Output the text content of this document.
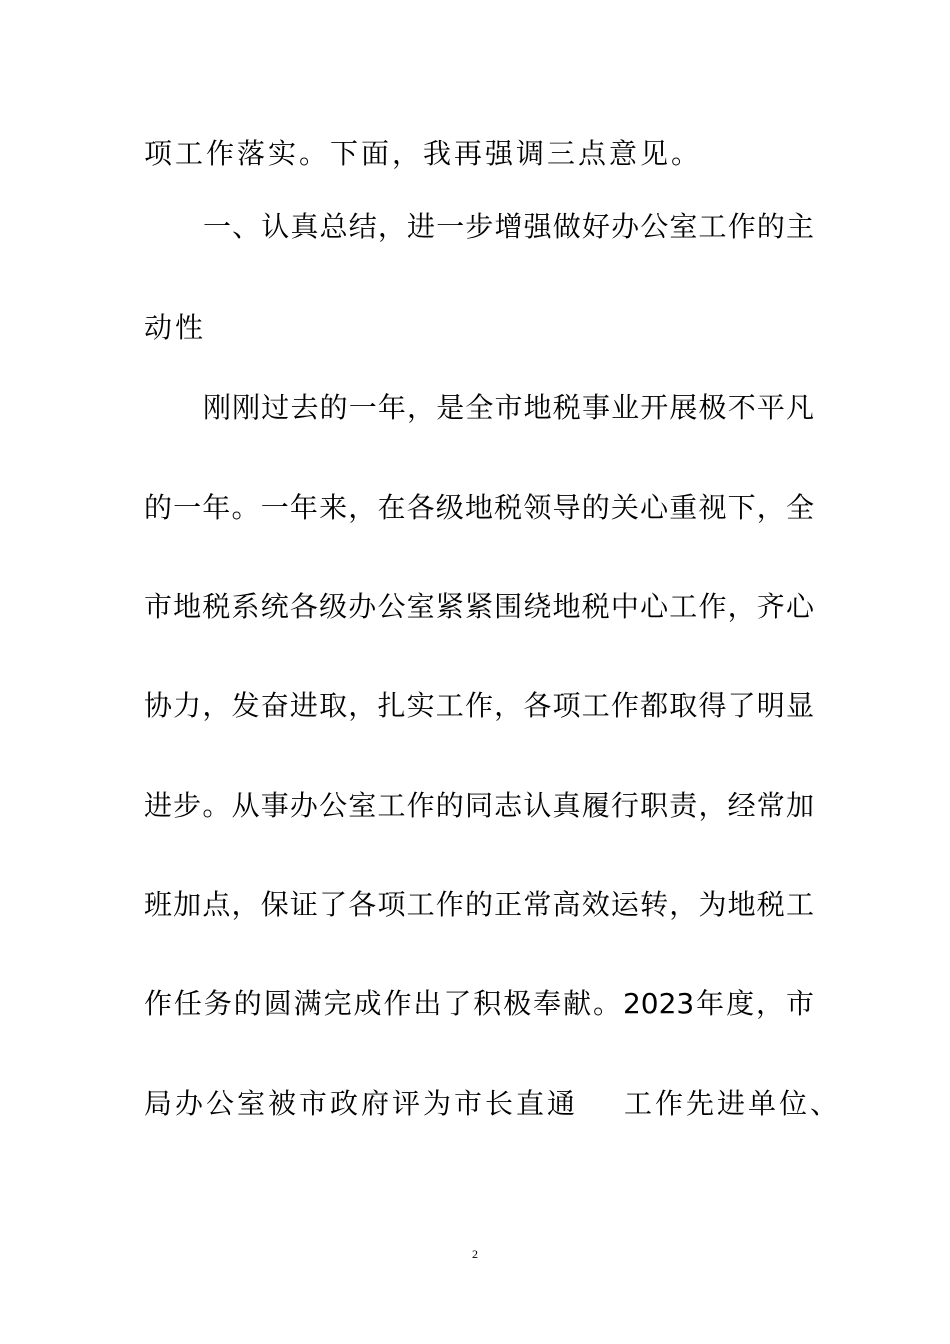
项工作落实。下面，我再强调三点意见。
一、认真总结，进一步增强做好办公室工作的主
动性
刚刚过去的一年，是全市地税事业开展极不平凡
的一年。一年来，在各级地税领导的关心重视下，全
市地税系统各级办公室紧紧围绕地税中心工作，齐心
协力，发奋进取，扎实工作，各项工作都取得了明显
进步。从事办公室工作的同志认真履行职责，经常加
班加点，保证了各项工作的正常高效运转，为地税工
作任务的圆满完成作出了积极奉献。2023年度，市
局办公室被市政府评为市长直通 工作先进单位、
2
